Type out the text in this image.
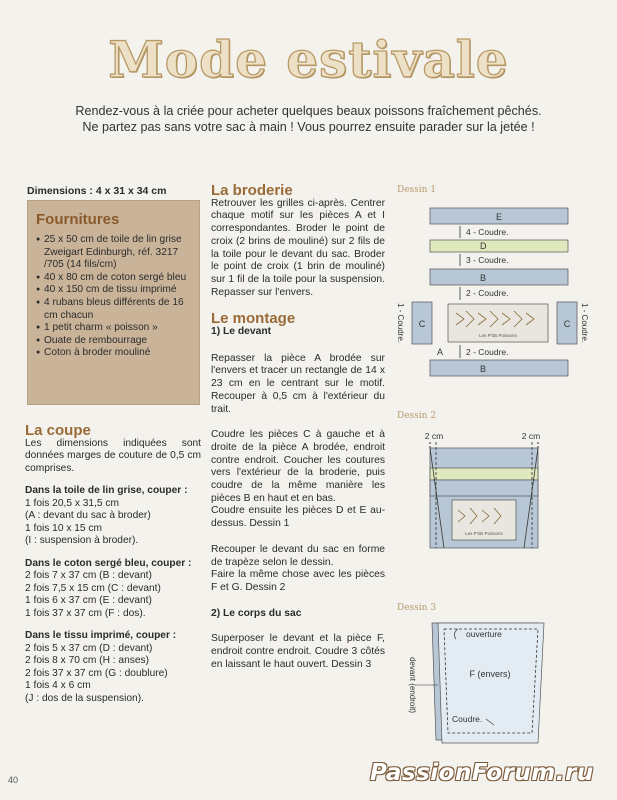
Mode estivale
Rendez-vous à la criée pour acheter quelques beaux poissons fraîchement pêchés.
Ne partez pas sans votre sac à main ! Vous pourrez ensuite parader sur la jetée !
Dimensions : 4 x 31 x 34 cm
Fournitures
● 25 x 50 cm de toile de lin grise Zweigart Edinburgh, réf. 3217 /705 (14 fils/cm)
● 40 x 80 cm de coton sergé bleu
● 40 x 150 cm de tissu imprimé
● 4 rubans bleus différents de 16 cm chacun
● 1 petit charm « poisson »
● Ouate de rembourrage
● Coton à broder mouliné
La coupe
Les dimensions indiquées sont données marges de couture de 0,5 cm comprises.
Dans la toile de lin grise, couper :
1 fois 20,5 x 31,5 cm
(A : devant du sac à broder)
1 fois 10 x 15 cm
(I : suspension à broder).
Dans le coton sergé bleu, couper :
2 fois 7 x 37 cm (B : devant)
2 fois 7,5 x 15 cm (C : devant)
1 fois 6 x 37 cm (E : devant)
1 fois 37 x 37 cm (F : dos).
Dans le tissu imprimé, couper :
2 fois 5 x 37 cm (D : devant)
2 fois 8 x 70 cm (H : anses)
2 fois 37 x 37 cm (G : doublure)
1 fois 4 x 6 cm
(J : dos de la suspension).
La broderie
Retrouver les grilles ci-après. Centrer chaque motif sur les pièces A et I correspondantes. Broder le point de croix (2 brins de mouliné) sur 2 fils de la toile pour le devant du sac. Broder le point de croix (1 brin de mouliné) sur 1 fil de la toile pour la suspension. Repasser sur l'envers.
Le montage
1) Le devant
Repasser la pièce A brodée sur l'envers et tracer un rectangle de 14 x 23 cm en le centrant sur le motif. Recouper à 0,5 cm à l'extérieur du trait.
Coudre les pièces C à gauche et à droite de la pièce A brodée, endroit contre endroit. Coucher les coutures vers l'extérieur de la broderie, puis coudre de la même manière les pièces B en haut et en bas.
Coudre ensuite les pièces D et E au-dessus. Dessin 1
Recouper le devant du sac en forme de trapèze selon le dessin.
Faire la même chose avec les pièces F et G. Dessin 2
2) Le corps du sac
Superposer le devant et la pièce F, endroit contre endroit. Coudre 3 côtés en laissant le haut ouvert. Dessin 3
Dessin 1
Dessin 2
Dessin 3
E
4 - Coudre.
D
3 - Coudre.
B
2 - Coudre.
C
Les P'tits Poissons
C
1 - Coudre.	1 - Coudre.
A	2 - Coudre.
B
2 cm	2 cm
Les P'tits Poissons
ouverture
devant (endroit)	F (envers)
Coudre.
40	PassionForum.ru
